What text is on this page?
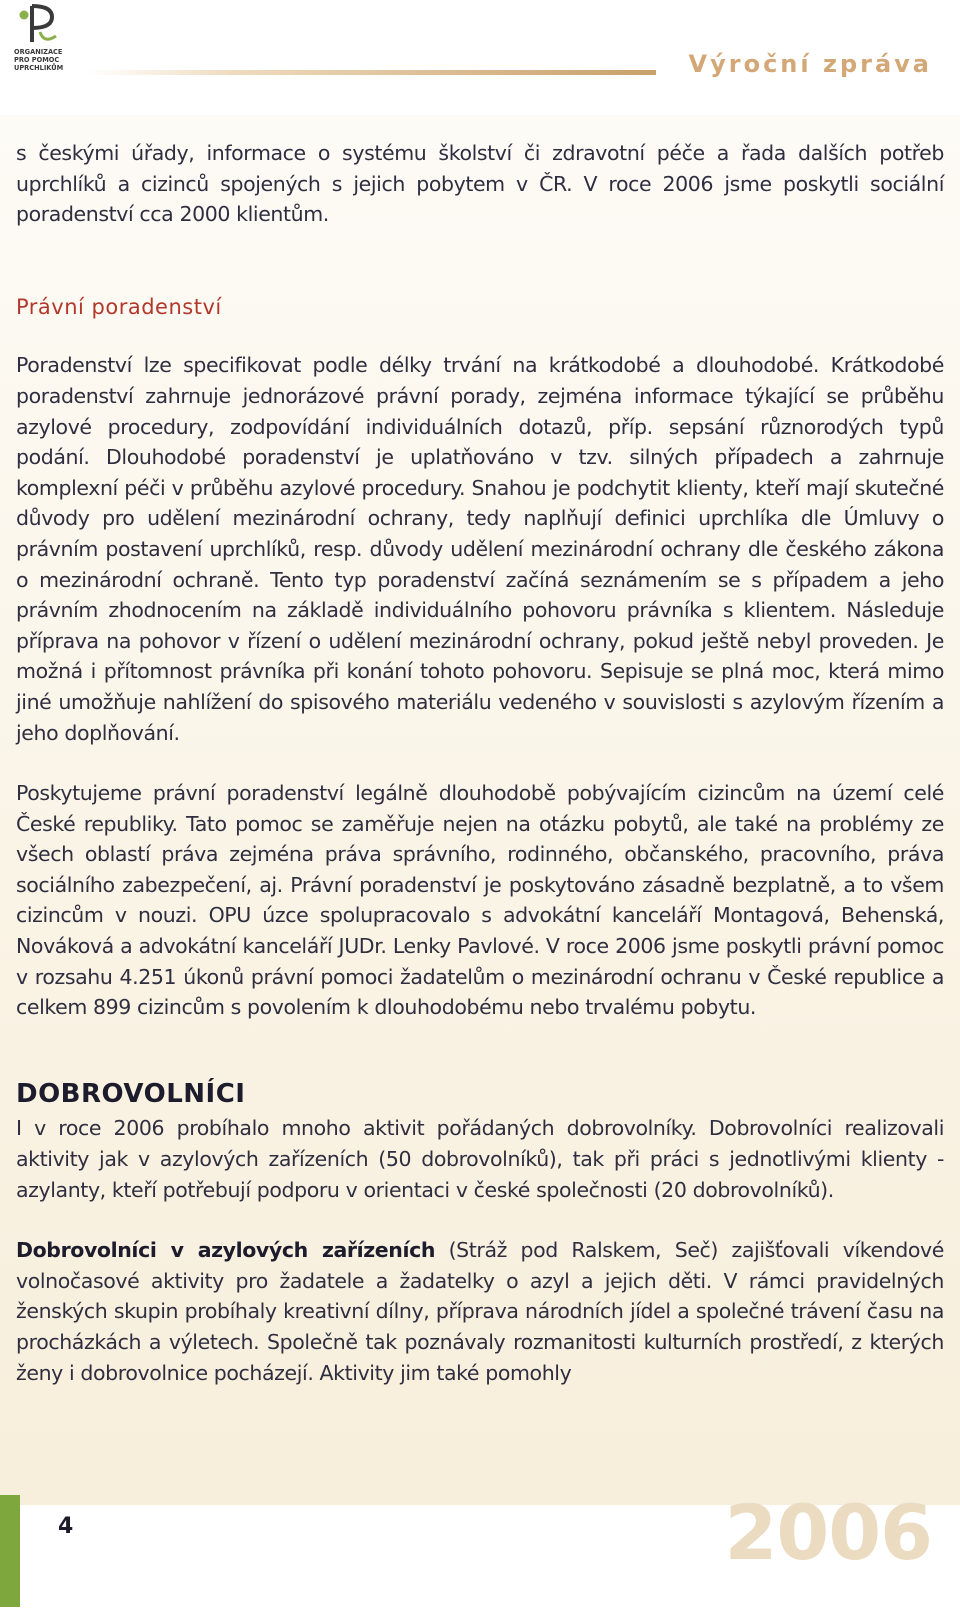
ORGANIZACE
PRO POMOC
UPRCHLÍKŮM	Výroční zpráva

s českými úřady, informace o systému školství či zdravotní péče a řada dalších potřeb uprchlíků a cizinců spojených s jejich pobytem v ČR. V roce 2006 jsme poskytli sociální poradenství cca 2000 klientům.

Právní poradenství

Poradenství lze specifikovat podle délky trvání na krátkodobé a dlouhodobé. Krátkodobé poradenství zahrnuje jednorázové právní porady, zejména informace týkající se průběhu azylové procedury, zodpovídání individuálních dotazů, příp. sepsání různorodých typů podání. Dlouhodobé poradenství je uplatňováno v tzv. silných případech a zahrnuje komplexní péči v průběhu azylové procedury. Snahou je podchytit klienty, kteří mají skutečné důvody pro udělení mezinárodní ochrany, tedy naplňují definici uprchlíka dle Úmluvy o právním postavení uprchlíků, resp. důvody udělení mezinárodní ochrany dle českého zákona o mezinárodní ochraně. Tento typ poradenství začíná seznámením se s případem a jeho právním zhodnocením na základě individuálního pohovoru právníka s klientem. Následuje příprava na pohovor v řízení o udělení mezinárodní ochrany, pokud ještě nebyl proveden. Je možná i přítomnost právníka při konání tohoto pohovoru. Sepisuje se plná moc, která mimo jiné umožňuje nahlížení do spisového materiálu vedeného v souvislosti s azylovým řízením a jeho doplňování.

Poskytujeme právní poradenství legálně dlouhodobě pobývajícím cizincům na území celé České republiky. Tato pomoc se zaměřuje nejen na otázku pobytů, ale také na problémy ze všech oblastí práva zejména práva správního, rodinného, občanského, pracovního, práva sociálního zabezpečení, aj. Právní poradenství je poskytováno zásadně bezplatně, a to všem cizincům v nouzi. OPU úzce spolupracovalo s advokátní kanceláří Montagová, Behenská, Nováková a advokátní kanceláří JUDr. Lenky Pavlové. V roce 2006 jsme poskytli právní pomoc v rozsahu 4.251 úkonů právní pomoci žadatelům o mezinárodní ochranu v České republice a celkem 899 cizincům s povolením k dlouhodobému nebo trvalému pobytu.

DOBROVOLNÍCI

I v roce 2006 probíhalo mnoho aktivit pořádaných dobrovolníky. Dobrovolníci realizovali aktivity jak v azylových zařízeních (50 dobrovolníků), tak při práci s jednotlivými klienty - azylanty, kteří potřebují podporu v orientaci v české společnosti (20 dobrovolníků).

Dobrovolníci v azylových zařízeních (Stráž pod Ralskem, Seč) zajišťovali víkendové volnočasové aktivity pro žadatele a žadatelky o azyl a jejich děti. V rámci pravidelných ženských skupin probíhaly kreativní dílny, příprava národních jídel a společné trávení času na procházkách a výletech. Společně tak poznávaly rozmanitosti kulturních prostředí, z kterých ženy i dobrovolnice pocházejí. Aktivity jim také pomohly

4	2006
